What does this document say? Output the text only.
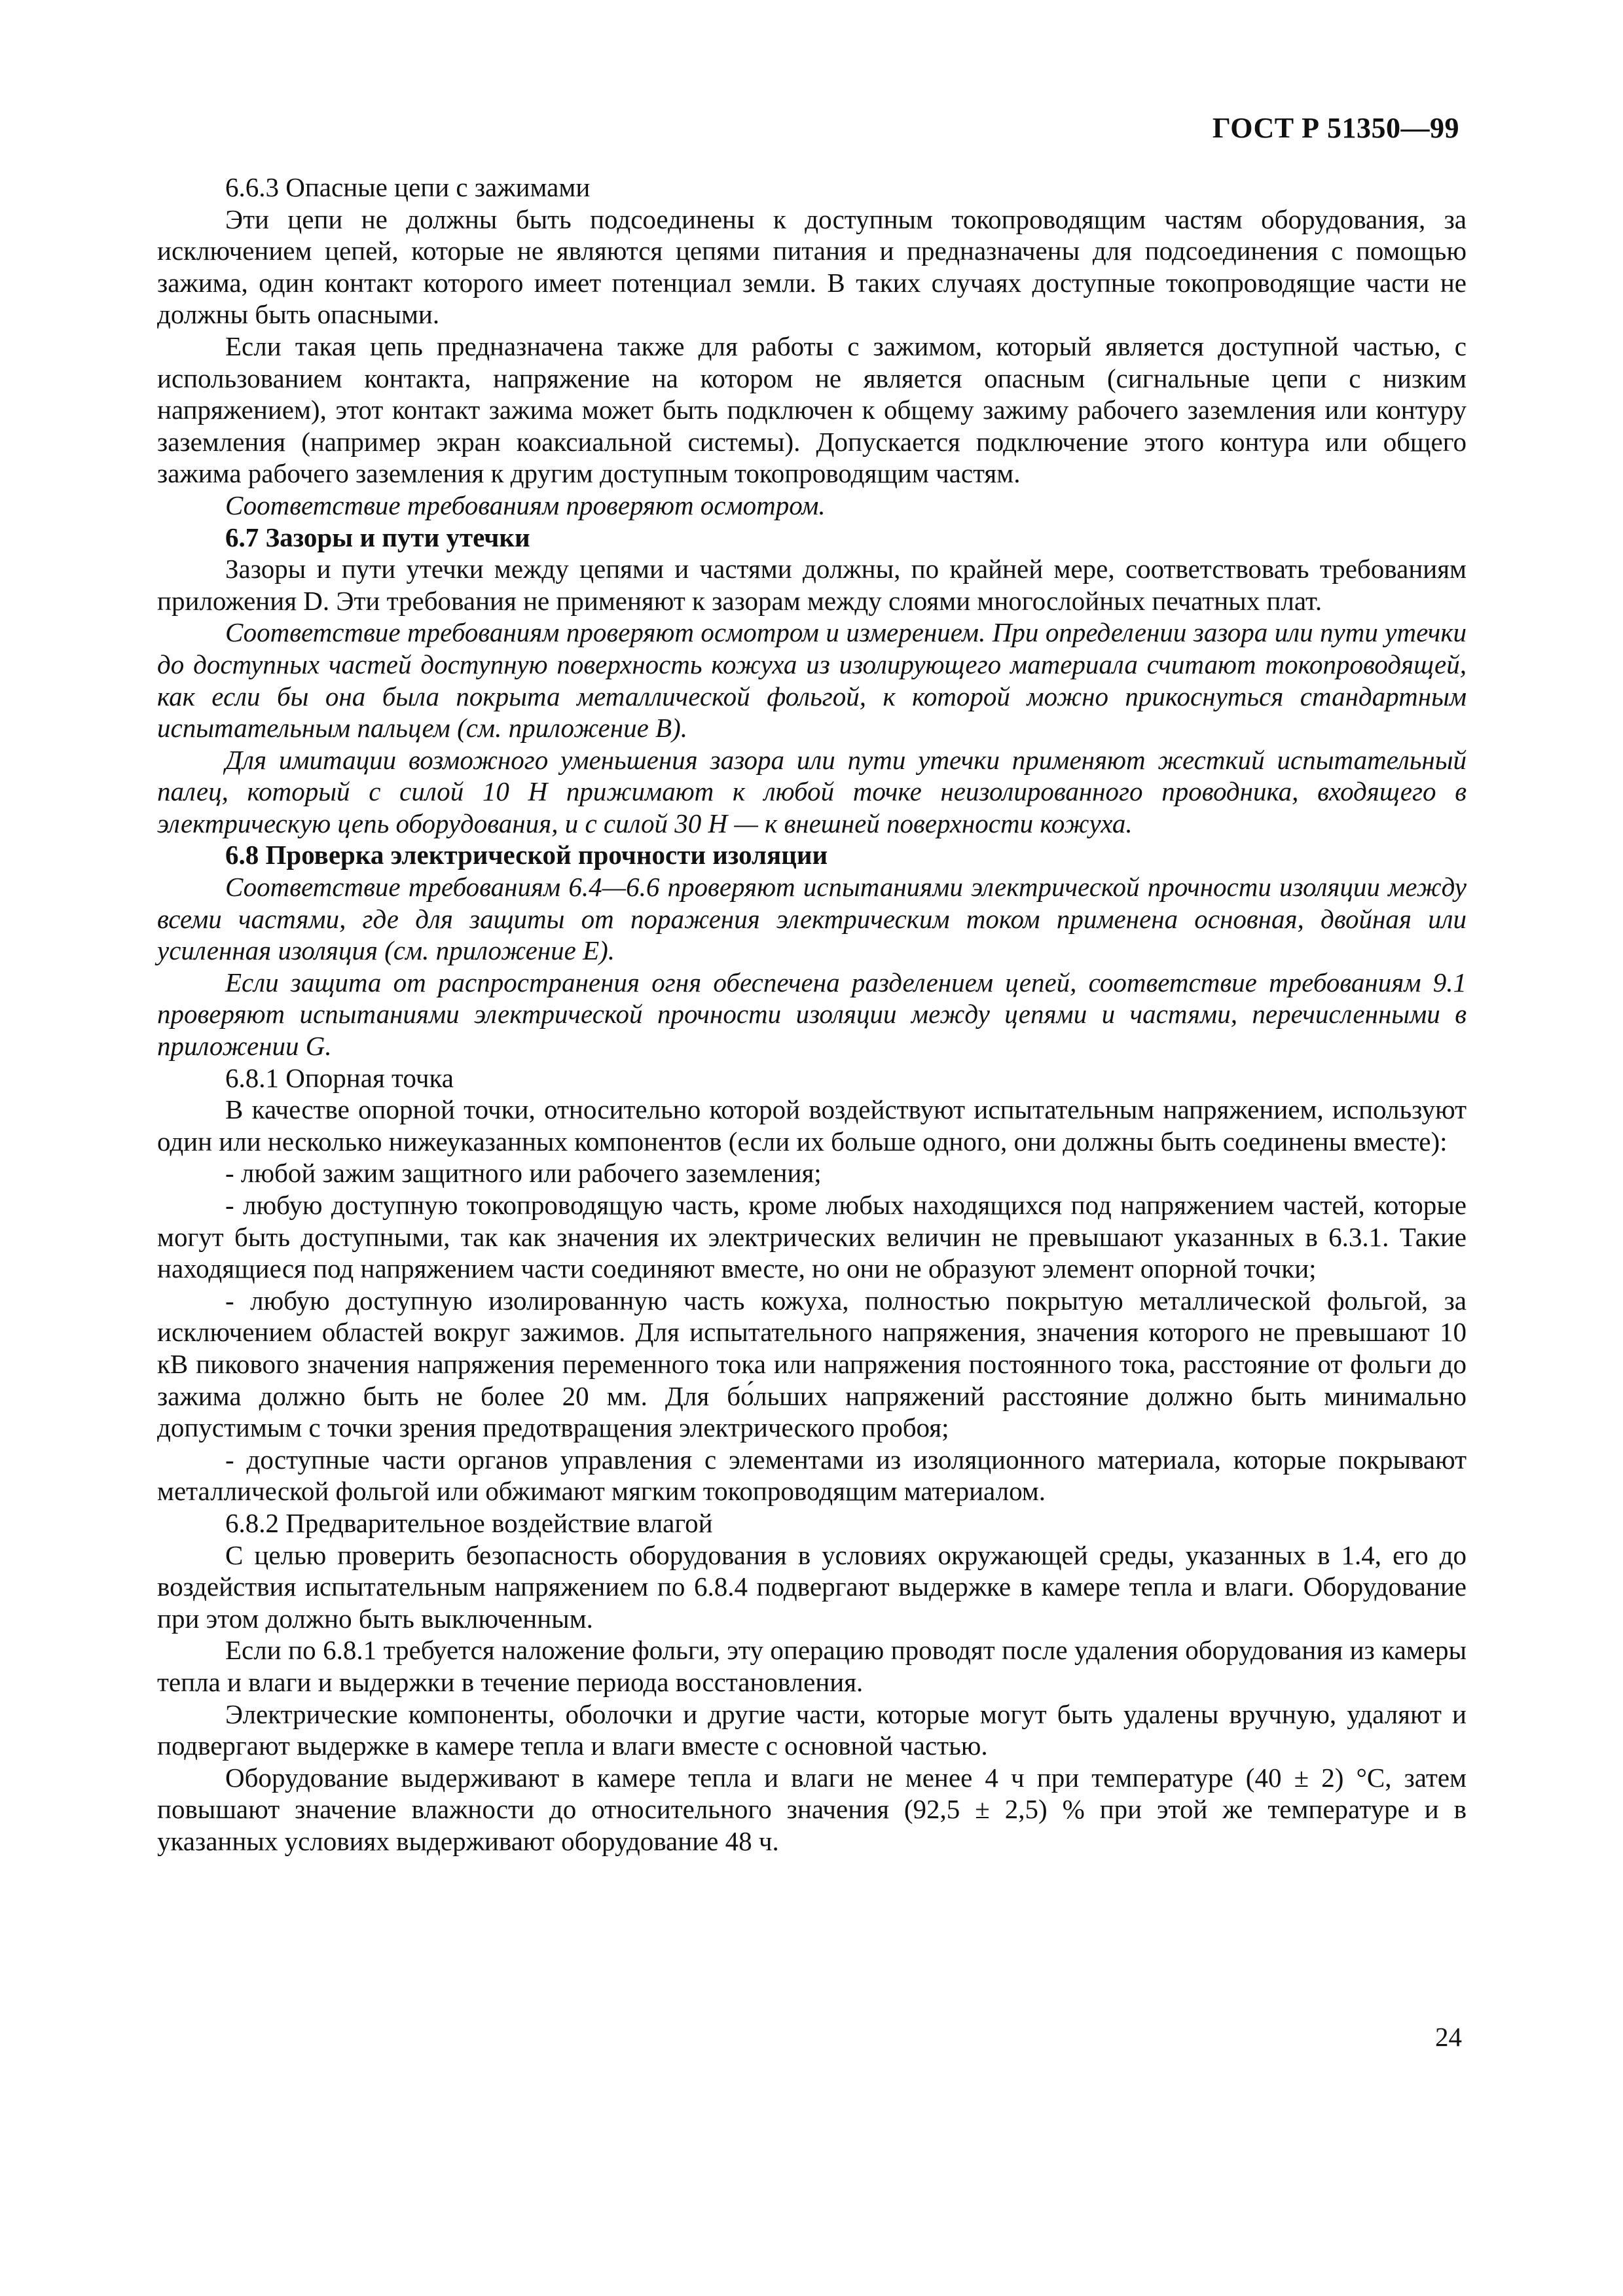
ГОСТ Р 51350—99

6.6.3 Опасные цепи с зажимами

Эти цепи не должны быть подсоединены к доступным токопроводящим частям оборудования, за исключением цепей, которые не являются цепями питания и предназначены для подсоединения с помощью зажима, один контакт которого имеет потенциал земли. В таких случаях доступные токопроводящие части не должны быть опасными.

Если такая цепь предназначена также для работы с зажимом, который является доступной частью, с использованием контакта, напряжение на котором не является опасным (сигнальные цепи с низким напряжением), этот контакт зажима может быть подключен к общему зажиму рабочего заземления или контуру заземления (например экран коаксиальной системы). Допускается подключение этого контура или общего зажима рабочего заземления к другим доступным токопроводящим частям.

Соответствие требованиям проверяют осмотром.

6.7 Зазоры и пути утечки

Зазоры и пути утечки между цепями и частями должны, по крайней мере, соответствовать требованиям приложения D. Эти требования не применяют к зазорам между слоями многослойных печатных плат.

Соответствие требованиям проверяют осмотром и измерением. При определении зазора или пути утечки до доступных частей доступную поверхность кожуха из изолирующего материала считают токопроводящей, как если бы она была покрыта металлической фольгой, к которой можно прикоснуться стандартным испытательным пальцем (см. приложение В).

Для имитации возможного уменьшения зазора или пути утечки применяют жесткий испытательный палец, который с силой 10 Н прижимают к любой точке неизолированного проводника, входящего в электрическую цепь оборудования, и с силой 30 Н — к внешней поверхности кожуха.

6.8 Проверка электрической прочности изоляции

Соответствие требованиям 6.4—6.6 проверяют испытаниями электрической прочности изоляции между всеми частями, где для защиты от поражения электрическим током применена основная, двойная или усиленная изоляция (см. приложение Е).

Если защита от распространения огня обеспечена разделением цепей, соответствие требованиям 9.1 проверяют испытаниями электрической прочности изоляции между цепями и частями, перечисленными в приложении G.

6.8.1 Опорная точка

В качестве опорной точки, относительно которой воздействуют испытательным напряжением, используют один или несколько нижеуказанных компонентов (если их больше одного, они должны быть соединены вместе):

- любой зажим защитного или рабочего заземления;

- любую доступную токопроводящую часть, кроме любых находящихся под напряжением частей, которые могут быть доступными, так как значения их электрических величин не превышают указанных в 6.3.1. Такие находящиеся под напряжением части соединяют вместе, но они не образуют элемент опорной точки;

- любую доступную изолированную часть кожуха, полностью покрытую металлической фольгой, за исключением областей вокруг зажимов. Для испытательного напряжения, значения которого не превышают 10 кВ пикового значения напряжения переменного тока или напряжения постоянного тока, расстояние от фольги до зажима должно быть не более 20 мм. Для бо́льших напряжений расстояние должно быть минимально допустимым с точки зрения предотвращения электрического пробоя;

- доступные части органов управления с элементами из изоляционного материала, которые покрывают металлической фольгой или обжимают мягким токопроводящим материалом.

6.8.2 Предварительное воздействие влагой

С целью проверить безопасность оборудования в условиях окружающей среды, указанных в 1.4, его до воздействия испытательным напряжением по 6.8.4 подвергают выдержке в камере тепла и влаги. Оборудование при этом должно быть выключенным.

Если по 6.8.1 требуется наложение фольги, эту операцию проводят после удаления оборудования из камеры тепла и влаги и выдержки в течение периода восстановления.

Электрические компоненты, оболочки и другие части, которые могут быть удалены вручную, удаляют и подвергают выдержке в камере тепла и влаги вместе с основной частью.

Оборудование выдерживают в камере тепла и влаги не менее 4 ч при температуре (40 ± 2) °С, затем повышают значение влажности до относительного значения (92,5 ± 2,5) % при этой же температуре и в указанных условиях выдерживают оборудование 48 ч.

24
